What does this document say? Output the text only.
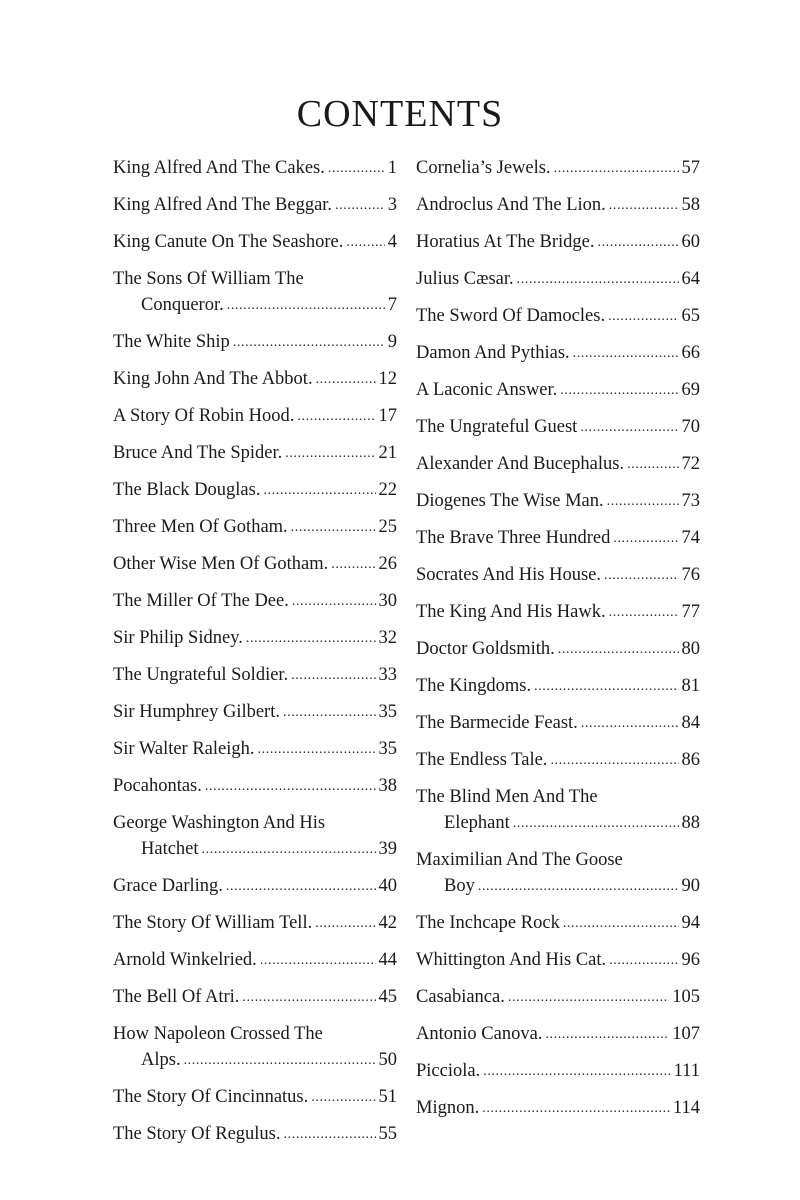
CONTENTS
King Alfred And The Cakes. .....	1
King Alfred And The Beggar. .....	3
King Canute On The Seashore. ..... 4
The Sons Of William The
Conqueror. .....	7
The White Ship .....	9
King John And The Abbot. .....	12
A Story Of Robin Hood. .....	17
Bruce And The Spider. .....	21
The Black Douglas. .....	22
Three Men Of Gotham. .....	25
Other Wise Men Of Gotham. .....	26
The Miller Of The Dee. .....	30
Sir Philip Sidney. .....	32
The Ungrateful Soldier. .....	33
Sir Humphrey Gilbert. .....	35
Sir Walter Raleigh. .....	35
Pocahontas. .....	38
George Washington And His
Hatchet .....	39
Grace Darling. .....	40
The Story Of William Tell. .....	42
Arnold Winkelried. .....	44
The Bell Of Atri. .....	45
How Napoleon Crossed The
Alps. .....	50
The Story Of Cincinnatus. .....	51
The Story Of Regulus. .....	55
Cornelia’s Jewels. .....	57
Androclus And The Lion. .....	58
Horatius At The Bridge. .....	60
Julius Cæsar. .....	64
The Sword Of Damocles. .....	65
Damon And Pythias. .....	66
A Laconic Answer. .....	69
The Ungrateful Guest .....	70
Alexander And Bucephalus. .....	72
Diogenes The Wise Man. .....	73
The Brave Three Hundred .....	74
Socrates And His House. .....	76
The King And His Hawk. .....	77
Doctor Goldsmith. .....	80
The Kingdoms. .....	81
The Barmecide Feast. .....	84
The Endless Tale. .....	86
The Blind Men And The
Elephant .....	88
Maximilian And The Goose
Boy .....	90
The Inchcape Rock .....	94
Whittington And His Cat. .....	96
Casabianca. .....	105
Antonio Canova. .....	107
Picciola. .....	111
Mignon. .....	114
